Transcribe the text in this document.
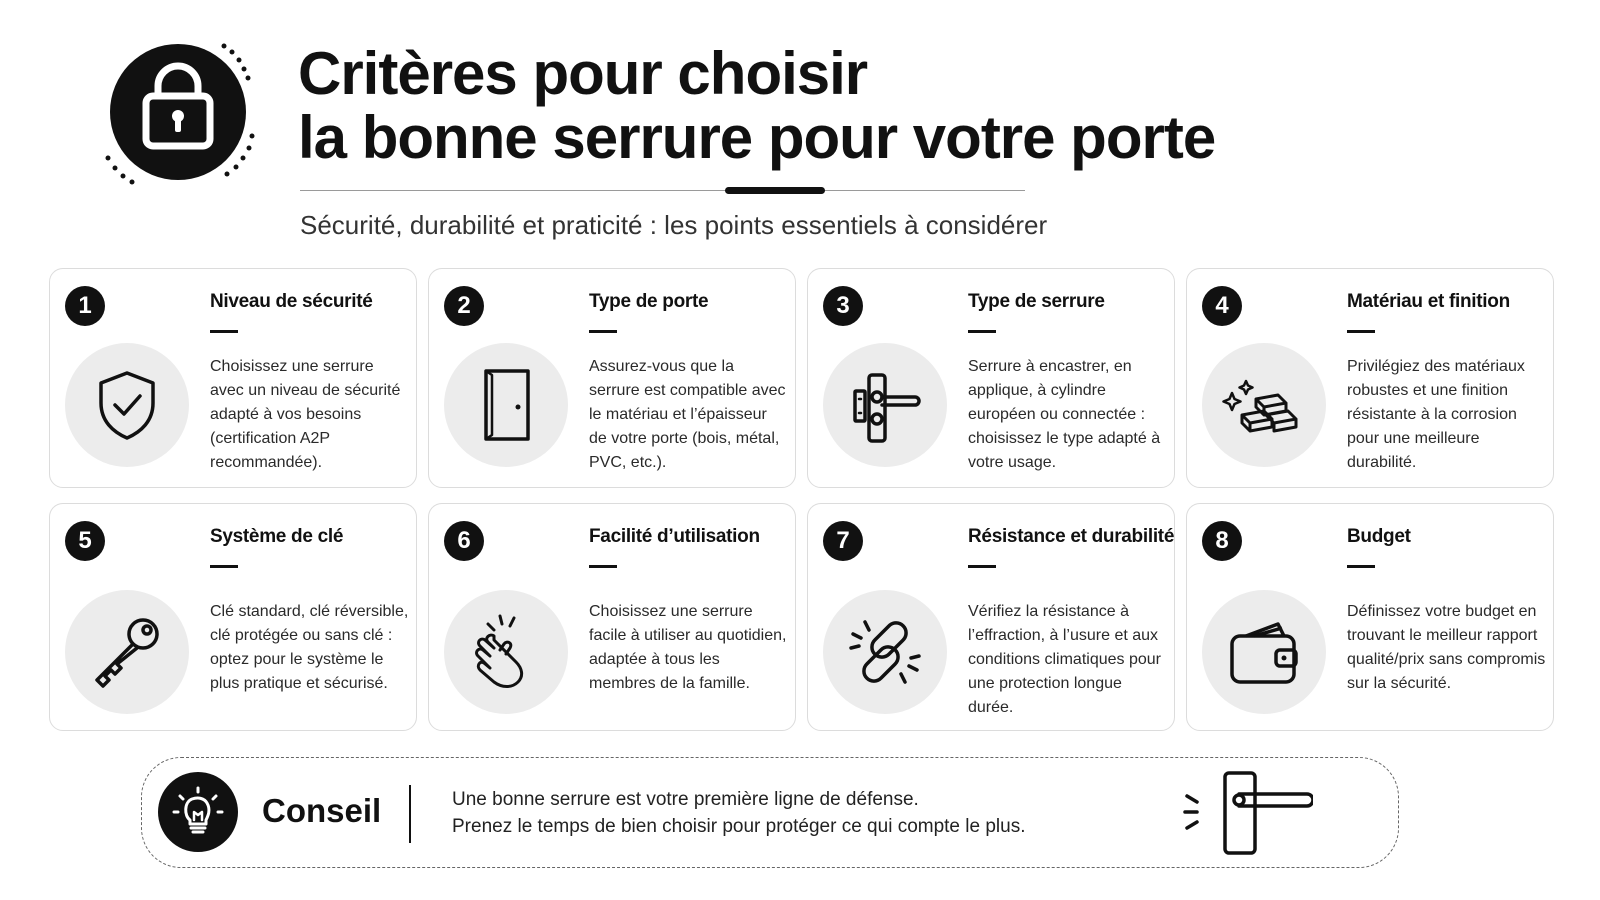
Critères pour choisir
la bonne serrure pour votre porte
Sécurité, durabilité et praticité : les points essentiels à considérer
1	Niveau de sécurité
Choisissez une serrure avec un niveau de sécurité adapté à vos besoins (certification A2P recommandée).
2	Type de porte
Assurez-vous que la serrure est compatible avec le matériau et l’épaisseur de votre porte (bois, métal, PVC, etc.).
3	Type de serrure
Serrure à encastrer, en applique, à cylindre européen ou connectée : choisissez le type adapté à votre usage.
4	Matériau et finition
Privilégiez des matériaux robustes et une finition résistante à la corrosion pour une meilleure durabilité.
5	Système de clé
Clé standard, clé réversible, clé protégée ou sans clé : optez pour le système le plus pratique et sécurisé.
6	Facilité d’utilisation
Choisissez une serrure facile à utiliser au quotidien, adaptée à tous les membres de la famille.
7	Résistance et durabilité
Vérifiez la résistance à l’effraction, à l’usure et aux conditions climatiques pour une protection longue durée.
8	Budget
Définissez votre budget en trouvant le meilleur rapport qualité/prix sans compromis sur la sécurité.
Conseil	Une bonne serrure est votre première ligne de défense.
Prenez le temps de bien choisir pour protéger ce qui compte le plus.
